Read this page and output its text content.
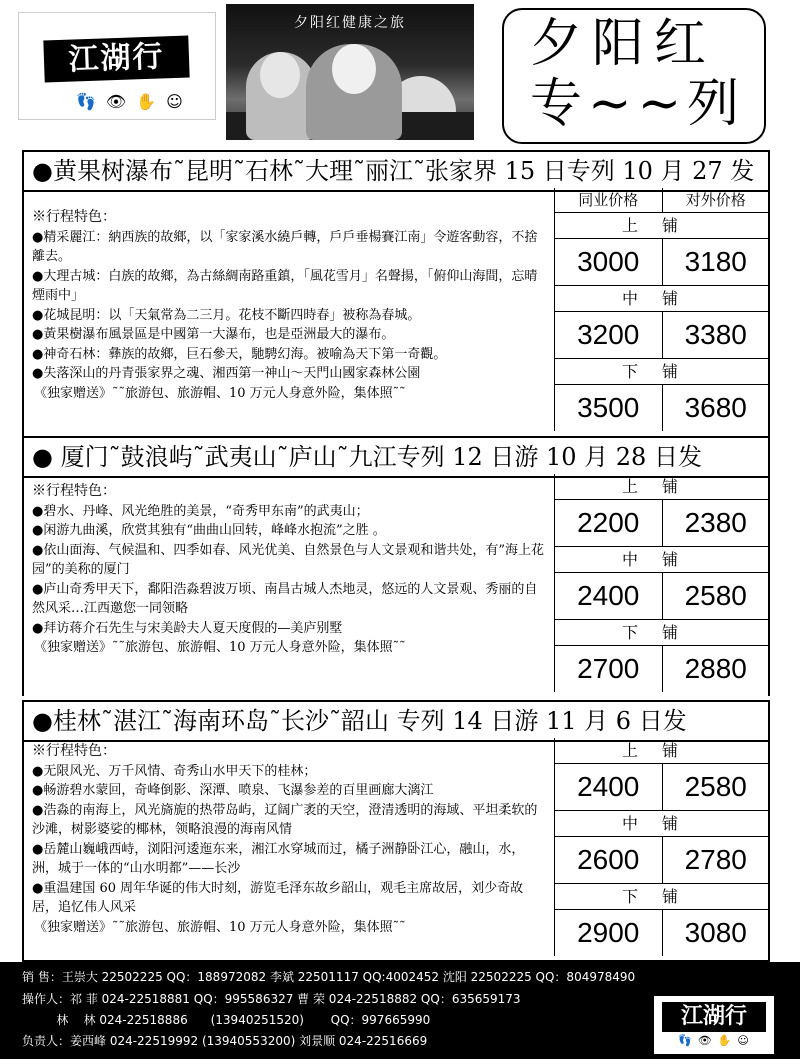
江湖行
👣👁✋☺
夕阳红健康之旅	夕阳红
专~~列
●黄果树瀑布˜昆明˜石林˜大理˜丽江˜张家界 15 日专列 10 月 27 发
※行程特色：
●精采麗江：納西族的故鄉，以「家家溪水繞戶轉，戶戶垂楊賽江南」令遊客動容，不捨離去。
●大理古城：白族的故鄉，為古絲綢南路重鎮，「風花雪月」名聲揚，「俯仰山海間，忘晴煙雨中」
●花城昆明：以「天氣常為二三月。花枝不斷四時春」被称為春城。
●黃果樹瀑布風景區是中國第一大瀑布，也是亞洲最大的瀑布。
●神奇石林：彝族的故鄉，巨石參天，馳騁幻海。被喻為天下第一奇觀。
●失落深山的丹青張家界之魂、湘西第一神山～天門山國家森林公園
《独家赠送》˜˜旅游包、旅游帽、10 万元人身意外险，集体照˜˜
同业价格	对外价格
上铺
3000	3180
中铺
3200	3380
下铺
3500	3680
● 厦门˜鼓浪屿˜武夷山˜庐山˜九江专列 12 日游 10 月 28 日发
※行程特色：
●碧水、丹峰、风光绝胜的美景，“奇秀甲东南”的武夷山；
●闲游九曲溪，欣赏其独有“曲曲山回转，峰峰水抱流”之胜 。
●依山面海、气候温和、四季如春、风光优美、自然景色与人文景观和谐共处，有”海上花园”的美称的厦门
●庐山奇秀甲天下，鄱阳浩淼碧波万顷、南昌古城人杰地灵，悠远的人文景观、秀丽的自然风采…江西邀您一同领略
●拜访蒋介石先生与宋美龄夫人夏天度假的—美庐别墅
《独家赠送》˜˜旅游包、旅游帽、10 万元人身意外险，集体照˜˜
上铺
2200	2380
中铺
2400	2580
下铺
2700	2880
●桂林˜湛江˜海南环岛˜长沙˜韶山 专列 14 日游 11 月 6 日发
※行程特色：
●无限风光、万千风情、奇秀山水甲天下的桂林；
●畅游碧水蒙回，奇峰倒影、深潭、喷泉、飞瀑参差的百里画廊大漓江
●浩淼的南海上，风光旖旎的热带岛屿，辽阔广袤的天空，澄清透明的海域、平坦柔软的沙滩，树影婆娑的椰林，领略浪漫的海南风情
●岳麓山巍峨西峙，浏阳河逶迤东来，湘江水穿城而过，橘子洲静卧江心，融山，水，洲，城于一体的“山水明都”——长沙
●重温建国 60 周年华诞的伟大时刻，游览毛泽东故乡韶山，观毛主席故居，刘少奇故居，追忆伟人风采
《独家赠送》˜˜旅游包、旅游帽、10 万元人身意外险，集体照˜˜
上铺
2400	2580
中铺
2600	2780
下铺
2900	3080
销 售：王崇大 22502225 QQ：188972082 李斌 22501117 QQ:4002452 沈阳 22502225 QQ：804978490
操作人：祁 菲 024-22518881 QQ：995586327 曹 荣 024-22518882 QQ：635659173
林    林 024-22518886      (13940251520)       QQ：997665990
负责人：姜西峰 024-22519992 (13940553200) 刘景顺 024-22516669
江湖行
👣👁✋☺
